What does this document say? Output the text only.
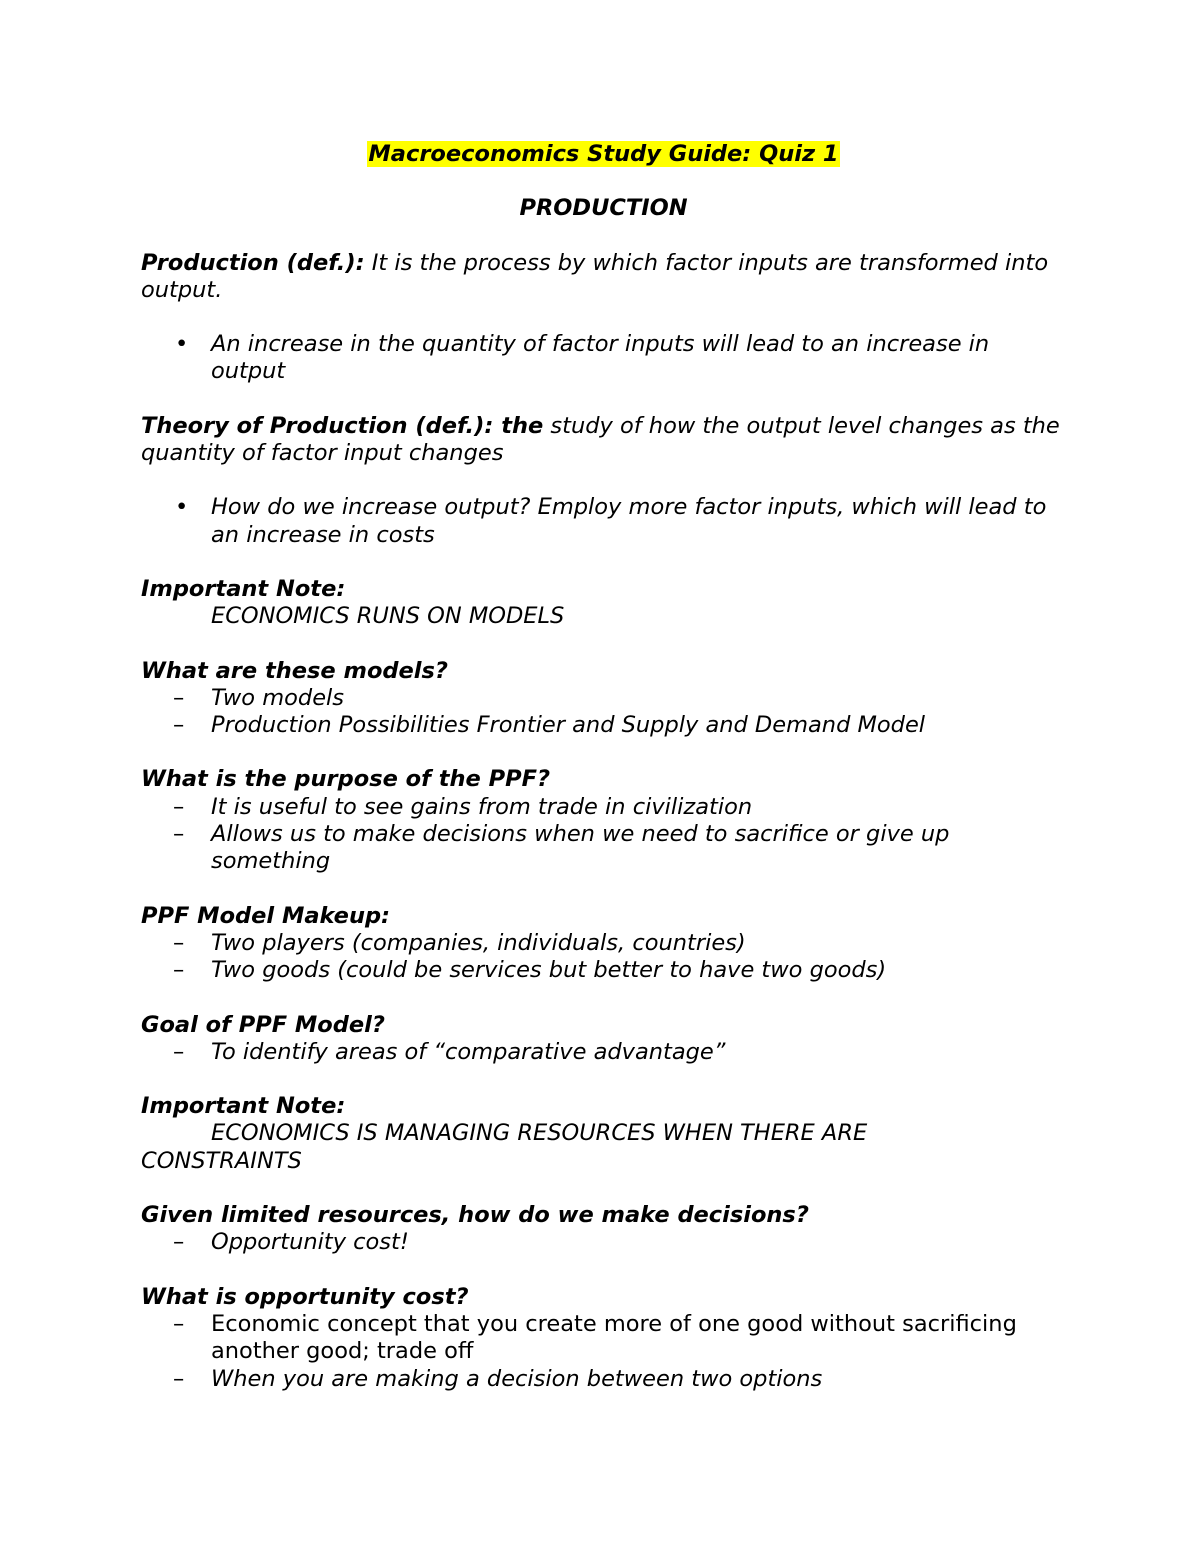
Macroeconomics Study Guide: Quiz 1

PRODUCTION

Production (def.): It is the process by which factor inputs are transformed into output.

• An increase in the quantity of factor inputs will lead to an increase in output

Theory of Production (def.): the study of how the output level changes as the quantity of factor input changes

• How do we increase output? Employ more factor inputs, which will lead to an increase in costs

Important Note:

ECONOMICS RUNS ON MODELS

What are these models?

– Two models
– Production Possibilities Frontier and Supply and Demand Model

What is the purpose of the PPF?

– It is useful to see gains from trade in civilization
– Allows us to make decisions when we need to sacrifice or give up something

PPF Model Makeup:

– Two players (companies, individuals, countries)
– Two goods (could be services but better to have two goods)

Goal of PPF Model?

– To identify areas of “comparative advantage”

Important Note:

ECONOMICS IS MANAGING RESOURCES WHEN THERE ARE

CONSTRAINTS

Given limited resources, how do we make decisions?

– Opportunity cost!

What is opportunity cost?

– Economic concept that you create more of one good without sacrificing another good; trade off
– When you are making a decision between two options
